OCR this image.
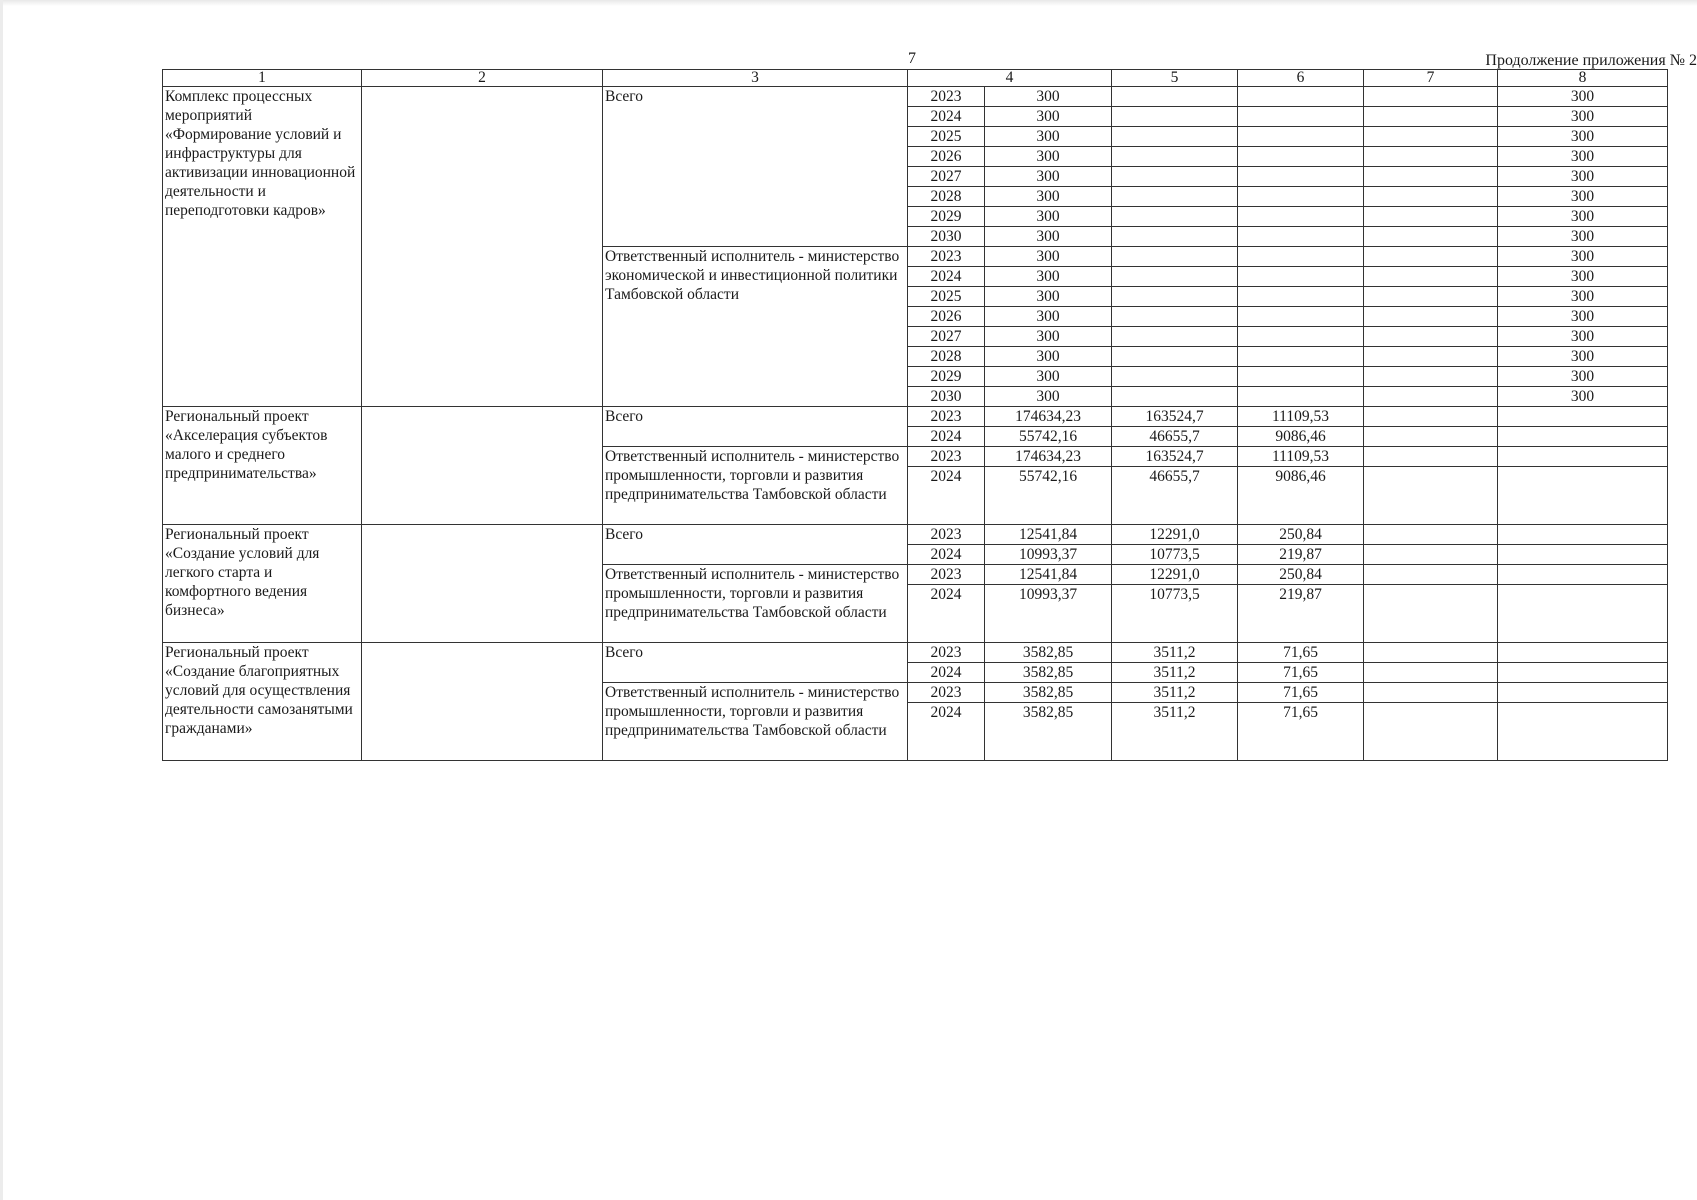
7	Продолжение приложения № 2
1	2	3	4		5	6	7	8
Комплекс процессных мероприятий «Формирование условий и инфраструктуры для активизации инновационной деятельности и переподготовки кадров»		Всего	2023	300				300
			2024	300				300
			2025	300				300
			2026	300				300
			2027	300				300
			2028	300				300
			2029	300				300
			2030	300				300
		Ответственный исполнитель - министерство экономической и инвестиционной политики Тамбовской области	2023	300				300
			2024	300				300
			2025	300				300
			2026	300				300
			2027	300				300
			2028	300				300
			2029	300				300
			2030	300				300
Региональный проект «Акселерация субъектов малого и среднего предпринимательства»		Всего	2023	174634,23	163524,7	11109,53		
			2024	55742,16	46655,7	9086,46		
		Ответственный исполнитель - министерство промышленности, торговли и развития предпринимательства Тамбовской области	2023	174634,23	163524,7	11109,53		
			2024	55742,16	46655,7	9086,46		

Региональный проект «Создание условий для легкого старта и комфортного ведения бизнеса»		Всего	2023	12541,84	12291,0	250,84		
			2024	10993,37	10773,5	219,87		
		Ответственный исполнитель - министерство промышленности, торговли и развития предпринимательства Тамбовской области	2023	12541,84	12291,0	250,84		
			2024	10993,37	10773,5	219,87		

Региональный проект «Создание благоприятных условий для осуществления деятельности самозанятыми гражданами»		Всего	2023	3582,85	3511,2	71,65		
			2024	3582,85	3511,2	71,65		
		Ответственный исполнитель - министерство промышленности, торговли и развития предпринимательства Тамбовской области	2023	3582,85	3511,2	71,65		
			2024	3582,85	3511,2	71,65		
